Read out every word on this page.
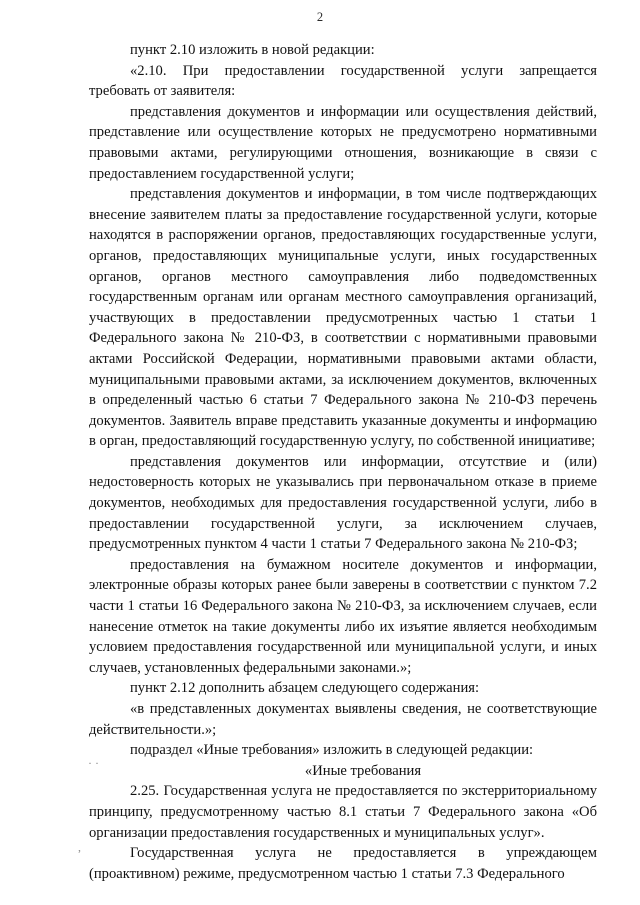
2

пункт 2.10 изложить в новой редакции:

«2.10. При предоставлении государственной услуги запрещается требовать от заявителя:

представления документов и информации или осуществления действий, представление или осуществление которых не предусмотрено нормативными правовыми актами, регулирующими отношения, возникающие в связи с предоставлением государственной услуги;

представления документов и информации, в том числе подтверждающих внесение заявителем платы за предоставление государственной услуги, которые находятся в распоряжении органов, предоставляющих государственные услуги, органов, предоставляющих муниципальные услуги, иных государственных органов, органов местного самоуправления либо подведомственных государственным органам или органам местного самоуправления организаций, участвующих в предоставлении предусмотренных частью 1 статьи 1 Федерального закона № 210-ФЗ, в соответствии с нормативными правовыми актами Российской Федерации, нормативными правовыми актами области, муниципальными правовыми актами, за исключением документов, включенных в определенный частью 6 статьи 7 Федерального закона № 210-ФЗ перечень документов. Заявитель вправе представить указанные документы и информацию в орган, предоставляющий государственную услугу, по собственной инициативе;

представления документов или информации, отсутствие и (или) недостоверность которых не указывались при первоначальном отказе в приеме документов, необходимых для предоставления государственной услуги, либо в предоставлении государственной услуги, за исключением случаев, предусмотренных пунктом 4 части 1 статьи 7 Федерального закона № 210-ФЗ;

предоставления на бумажном носителе документов и информации, электронные образы которых ранее были заверены в соответствии с пунктом 7.2 части 1 статьи 16 Федерального закона № 210-ФЗ, за исключением случаев, если нанесение отметок на такие документы либо их изъятие является необходимым условием предоставления государственной или муниципальной услуги, и иных случаев, установленных федеральными законами.»;

пункт 2.12 дополнить абзацем следующего содержания:

«в представленных документах выявлены сведения, не соответствующие действительности.»;

подраздел «Иные требования» изложить в следующей редакции:

«Иные требования

2.25. Государственная услуга не предоставляется по экстерриториальному принципу, предусмотренному частью 8.1 статьи 7 Федерального закона «Об организации предоставления государственных и муниципальных услуг».

Государственная услуга не предоставляется в упреждающем (проактивном) режиме, предусмотренном частью 1 статьи 7.3 Федерального

· ·
,
